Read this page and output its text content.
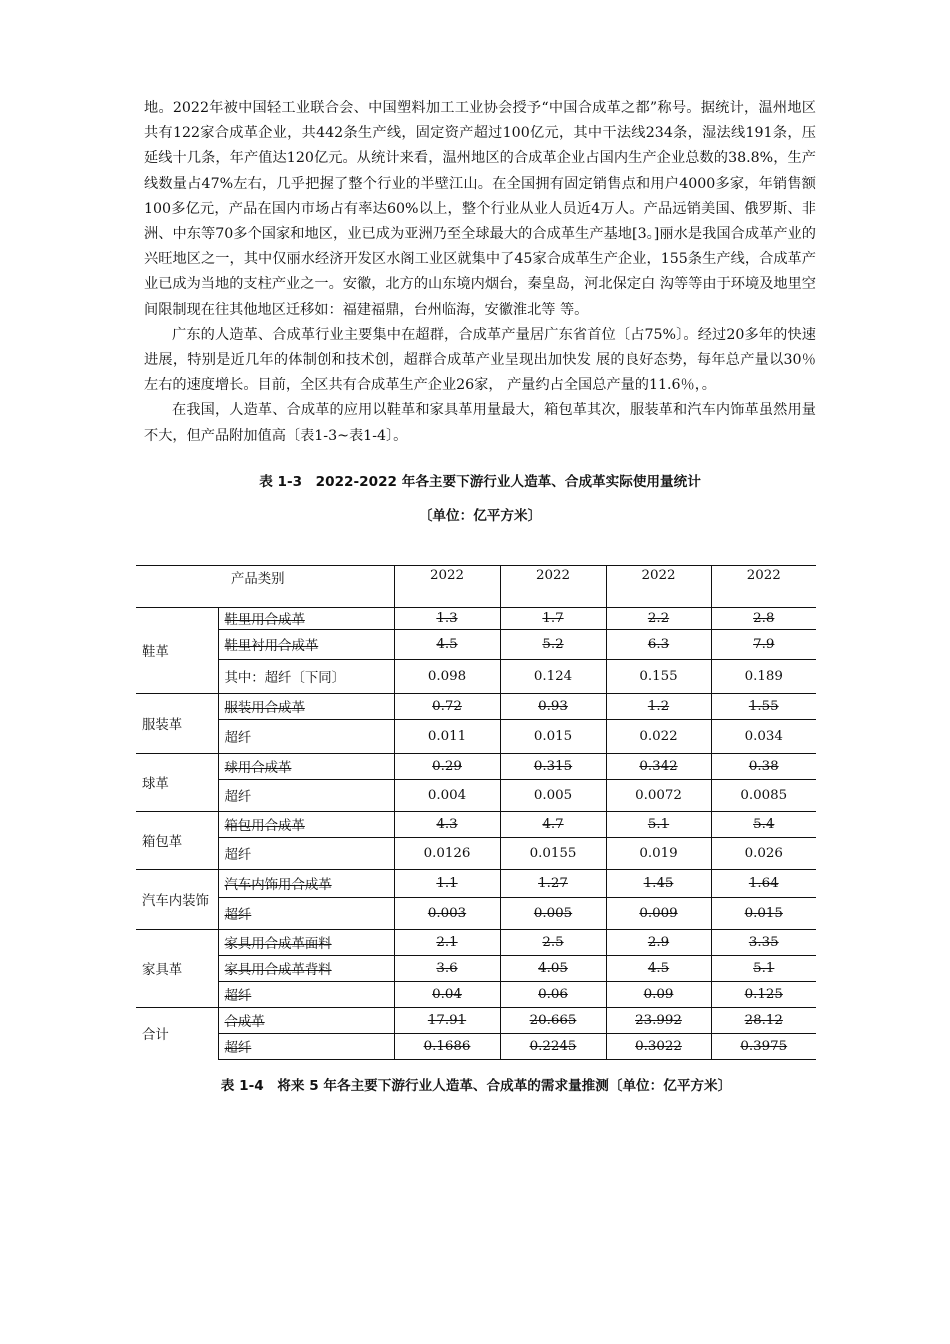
地。2022年被中国轻工业联合会、中国塑料加工工业协会授予“中国合成革之都”称号。据统计，温州地区共有122家合成革企业，共442条生产线，固定资产超过100亿元，其中干法线234条，湿法线191条，压延线十几条，年产值达120亿元。从统计来看，温州地区的合成革企业占国内生产企业总数的38.8%，生产线数量占47%左右，几乎把握了整个行业的半壁江山。在全国拥有固定销售点和用户4000多家，年销售额100多亿元，产品在国内市场占有率达60%以上，整个行业从业人员近4万人。产品远销美国、俄罗斯、非洲、中东等70多个国家和地区，业已成为亚洲乃至全球最大的合成革生产基地[3。]丽水是我国合成革产业的兴旺地区之一，其中仅丽水经济开发区水阁工业区就集中了45家合成革生产企业，155条生产线，合成革产业已成为当地的支柱产业之一。安徽，北方的山东境内烟台，秦皇岛，河北保定白 沟等等由于环境及地里空间限制现在往其他地区迁移如：福建福鼎，台州临海，安徽淮北等 等。

广东的人造革、合成革行业主要集中在超群，合成革产量居广东省首位〔占75%〕。经过20多年的快速进展，特别是近几年的体制创和技术创，超群合成革产业呈现出加快发 展的良好态势，每年总产量以30％左右的速度增长。目前，全区共有合成革生产企业26家， 产量约占全国总产量的11.6％，。

在我国，人造革、合成革的应用以鞋革和家具革用量最大，箱包革其次，服装革和汽车内饰革虽然用量不大，但产品附加值高〔表1-3~表1-4〕。

表 1-3　2022-2022 年各主要下游行业人造革、合成革实际使用量统计

〔单位：亿平方米〕

产品类别		2022	2022	2022	2022
鞋革	鞋里用合成革	1.3	1.7	2.2	2.8
	鞋里衬用合成革	4.5	5.2	6.3	7.9
	其中：超纤〔下同〕	0.098	0.124	0.155	0.189
服装革	服装用合成革	0.72	0.93	1.2	1.55
	超纤	0.011	0.015	0.022	0.034
球革	球用合成革	0.29	0.315	0.342	0.38
	超纤	0.004	0.005	0.0072	0.0085
箱包革	箱包用合成革	4.3	4.7	5.1	5.4
	超纤	0.0126	0.0155	0.019	0.026
汽车内装饰	汽车内饰用合成革	1.1	1.27	1.45	1.64
	超纤	0.003	0.005	0.009	0.015
家具革	家具用合成革面料	2.1	2.5	2.9	3.35
	家具用合成革背料	3.6	4.05	4.5	5.1
	超纤	0.04	0.06	0.09	0.125
合计	合成革	17.91	20.665	23.992	28.12
	超纤	0.1686	0.2245	0.3022	0.3975

表 1-4　将来 5 年各主要下游行业人造革、合成革的需求量推测〔单位：亿平方米〕
